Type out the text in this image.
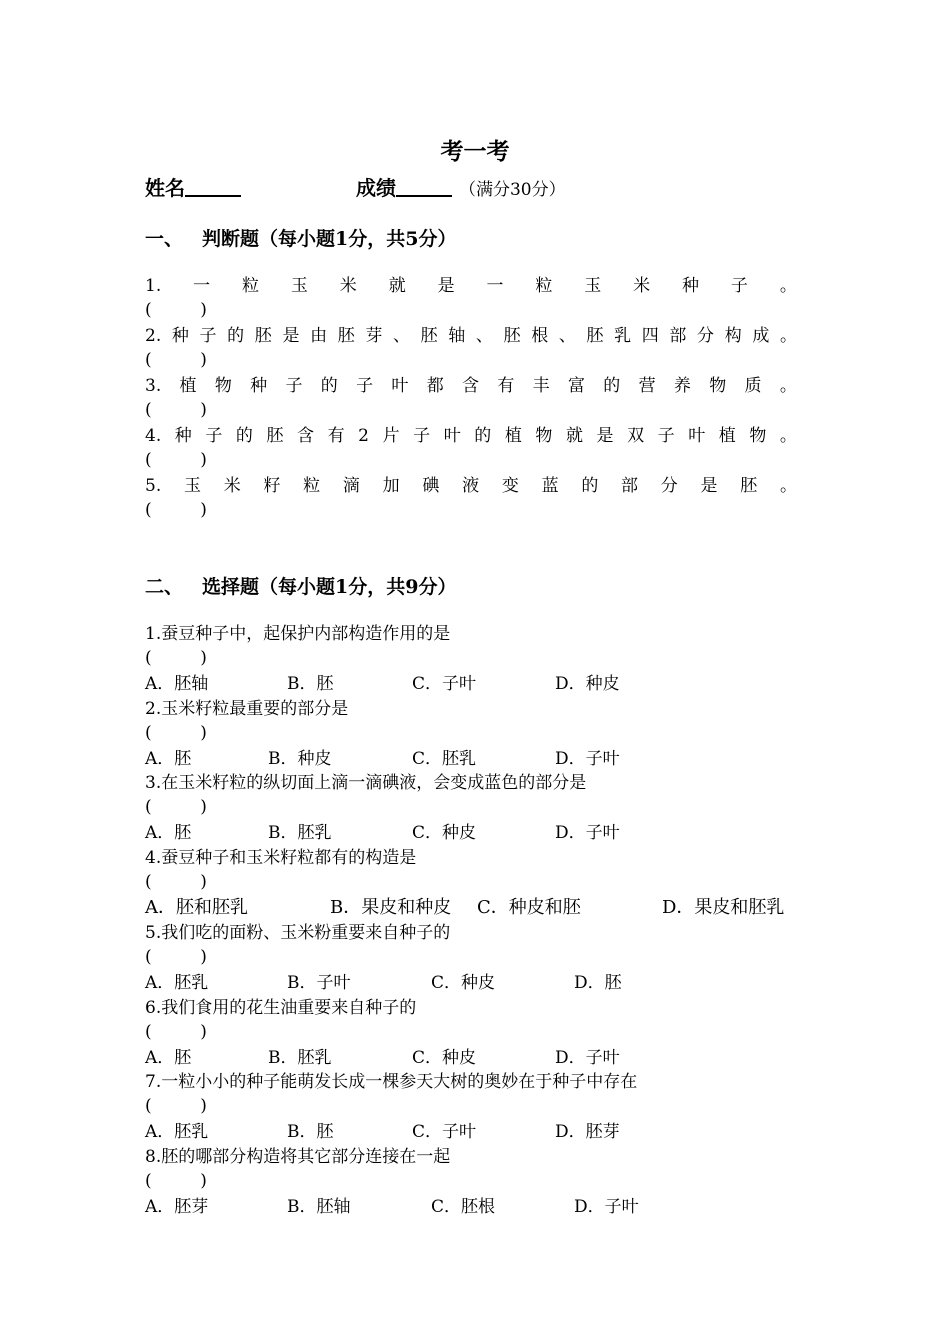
考一考
姓名	成绩	（满分30分）
一、 判断题（每小题1分，共5分）
1. 一 粒 玉 米 就 是 一 粒 玉 米 种 子 。
(         )
2. 种 子 的 胚 是 由 胚 芽 、 胚 轴 、 胚 根 、 胚 乳 四 部 分 构 成 。
(         )
3. 植 物 种 子 的 子 叶 都 含 有 丰 富 的 营 养 物 质 。
(         )
4. 种 子 的 胚 含 有 2 片 子 叶 的 植 物 就 是 双 子 叶 植 物 。
(         )
5. 玉 米 籽 粒 滴 加 碘 液 变 蓝 的 部 分 是 胚 。
(         )
二、 选择题（每小题1分，共9分）
1.蚕豆种子中，起保护内部构造作用的是
(         )
A．胚轴	B．胚	C．子叶	D．种皮
2.玉米籽粒最重要的部分是
(         )
A．胚	B．种皮	C．胚乳	D．子叶
3.在玉米籽粒的纵切面上滴一滴碘液，会变成蓝色的部分是
(         )
A．胚	B．胚乳	C．种皮	D．子叶
4.蚕豆种子和玉米籽粒都有的构造是
(         )
A．胚和胚乳	B．果皮和种皮 C．种皮和胚	D．果皮和胚乳
5.我们吃的面粉、玉米粉重要来自种子的
(         )
A．胚乳	B．子叶	C．种皮	D．胚
6.我们食用的花生油重要来自种子的
(         )
A．胚	B．胚乳	C．种皮	D．子叶
7.一粒小小的种子能萌发长成一棵参天大树的奥妙在于种子中存在
(         )
A．胚乳	B．胚	C．子叶	D．胚芽
8.胚的哪部分构造将其它部分连接在一起
(         )
A．胚芽	B．胚轴	C．胚根	D．子叶
